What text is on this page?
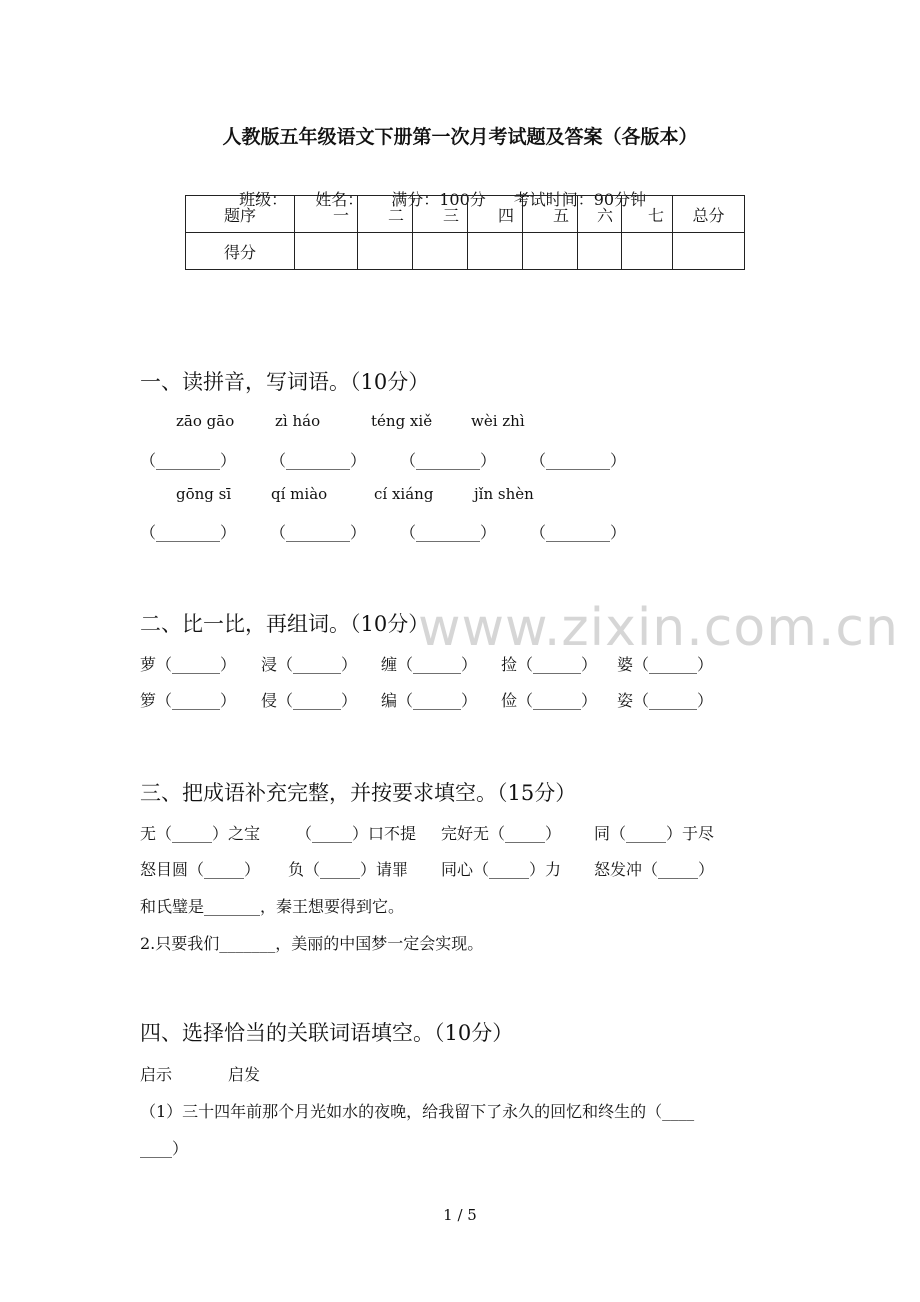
人教版五年级语文下册第一次月考试题及答案（各版本）

班级： 姓名： 满分：100分 考试时间：90分钟

题序	一	二	三	四	五	六	七	总分
得分								
一、读拼音，写词语。（10分）
zāo gāo	zì háo	téng xiě	wèi zhì
（________） （________） （________） （________）
gōng sī	qí miào	cí xiáng	jǐn shèn
（________） （________） （________） （________）
www.zixin.com.cn
二、比一比，再组词。（10分）
萝（______） 浸（______） 缠（______） 捡（______） 婆（______）
箩（______） 侵（______） 编（______） 俭（______） 姿（______）
三、把成语补充完整，并按要求填空。（15分）
无（_____）之宝 （_____）口不提 完好无（_____） 同（_____）于尽
怒目圆（_____） 负（_____）请罪 同心（_____）力 怒发冲（_____）
和氏璧是_______，秦王想要得到它。
2.只要我们_______，美丽的中国梦一定会实现。
四、选择恰当的关联词语填空。（10分）
启示	启发
（1）三十四年前那个月光如水的夜晚，给我留下了永久的回忆和终生的（____
____）
1 / 5
